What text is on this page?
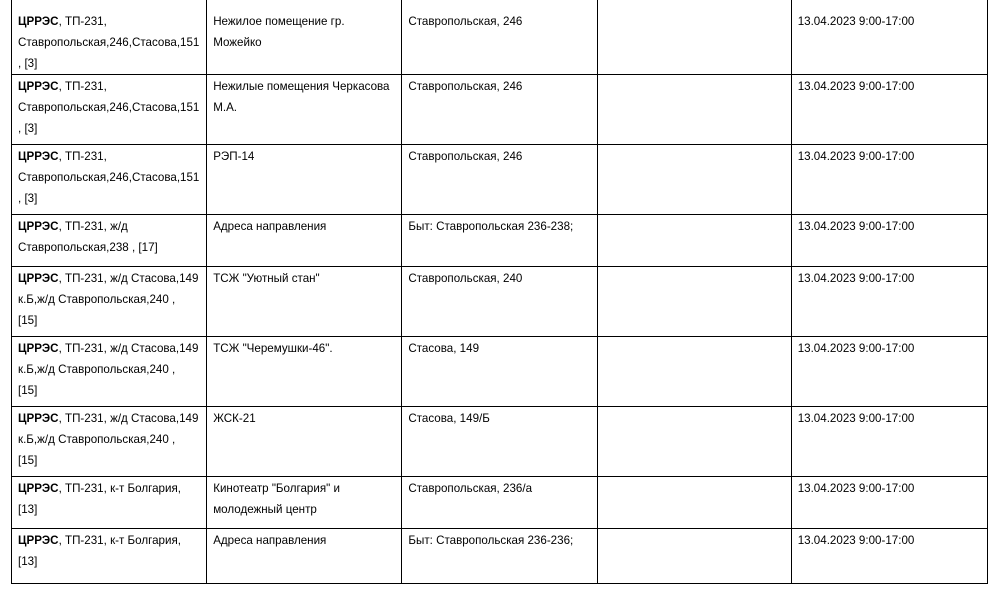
ЦРРЭС, ТП-231,
Ставропольская,246,Стасова,151
, [3]	Нежилое помещение гр. Можейко	Ставропольская, 246		13.04.2023 9:00-17:00
ЦРРЭС, ТП-231,
Ставропольская,246,Стасова,151
, [3]	Нежилые помещения Черкасова М.А.	Ставропольская, 246		13.04.2023 9:00-17:00
ЦРРЭС, ТП-231,
Ставропольская,246,Стасова,151
, [3]	РЭП-14	Ставропольская, 246		13.04.2023 9:00-17:00
ЦРРЭС, ТП-231, ж/д
Ставропольская,238 , [17]	Адреса направления	Быт: Ставропольская 236-238;		13.04.2023 9:00-17:00
ЦРРЭС, ТП-231, ж/д Стасова,149
к.Б,ж/д Ставропольская,240 ,
[15]	ТСЖ "Уютный стан"	Ставропольская, 240		13.04.2023 9:00-17:00
ЦРРЭС, ТП-231, ж/д Стасова,149
к.Б,ж/д Ставропольская,240 ,
[15]	ТСЖ "Черемушки-46".	Стасова, 149		13.04.2023 9:00-17:00
ЦРРЭС, ТП-231, ж/д Стасова,149
к.Б,ж/д Ставропольская,240 ,
[15]	ЖСК-21	Стасова, 149/Б		13.04.2023 9:00-17:00
ЦРРЭС, ТП-231, к-т Болгария,
[13]	Кинотеатр "Болгария" и молодежный центр	Ставропольская, 236/а		13.04.2023 9:00-17:00
ЦРРЭС, ТП-231, к-т Болгария,
[13]	Адреса направления	Быт: Ставропольская 236-236;		13.04.2023 9:00-17:00
